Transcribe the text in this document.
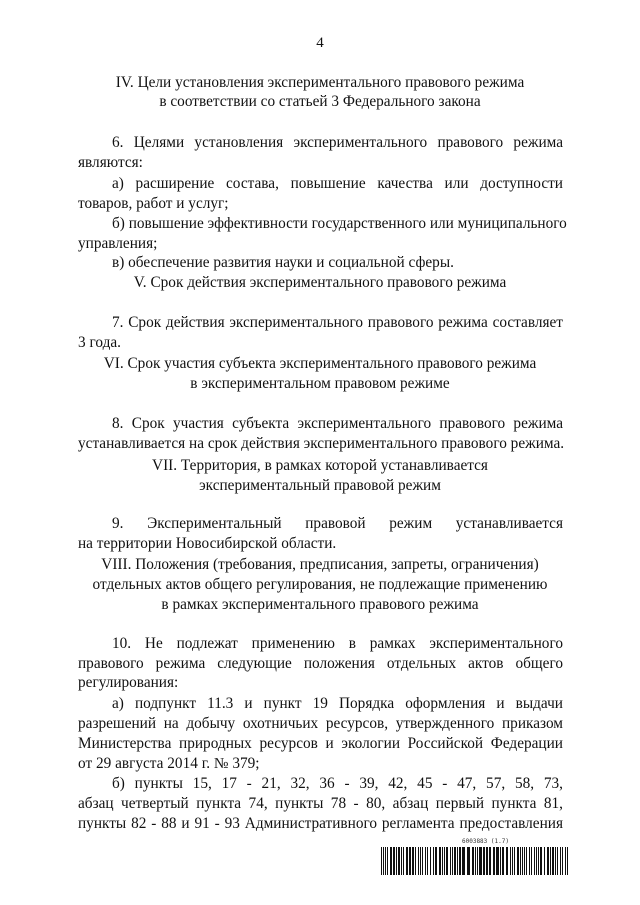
4
IV. Цели установления экспериментального правового режима
в соответствии со статьей 3 Федерального закона
6. Целями установления экспериментального правового режима
являются:
а) расширение состава, повышение качества или доступности
товаров, работ и услуг;
б) повышение эффективности государственного или муниципального
управления;
в) обеспечение развития науки и социальной сферы.
V. Срок действия экспериментального правового режима
7. Срок действия экспериментального правового режима составляет
3 года.
VI. Срок участия субъекта экспериментального правового режима
в экспериментальном правовом режиме
8. Срок участия субъекта экспериментального правового режима
устанавливается на срок действия экспериментального правового режима.
VII. Территория, в рамках которой устанавливается
экспериментальный правовой режим
9. Экспериментальный правовой режим устанавливается
на территории Новосибирской области.
VIII. Положения (требования, предписания, запреты, ограничения)
отдельных актов общего регулирования, не подлежащие применению
в рамках экспериментального правового режима
10. Не подлежат применению в рамках экспериментального
правового режима следующие положения отдельных актов общего
регулирования:
а) подпункт 11.3 и пункт 19 Порядка оформления и выдачи
разрешений на добычу охотничьих ресурсов, утвержденного приказом
Министерства природных ресурсов и экологии Российской Федерации
от 29 августа 2014 г. № 379;
б) пункты 15, 17 - 21, 32, 36 - 39, 42, 45 - 47, 57, 58, 73,
абзац четвертый пункта 74, пункты 78 - 80, абзац первый пункта 81,
пункты 82 - 88 и 91 - 93 Административного регламента предоставления
6003883 (1.7)
